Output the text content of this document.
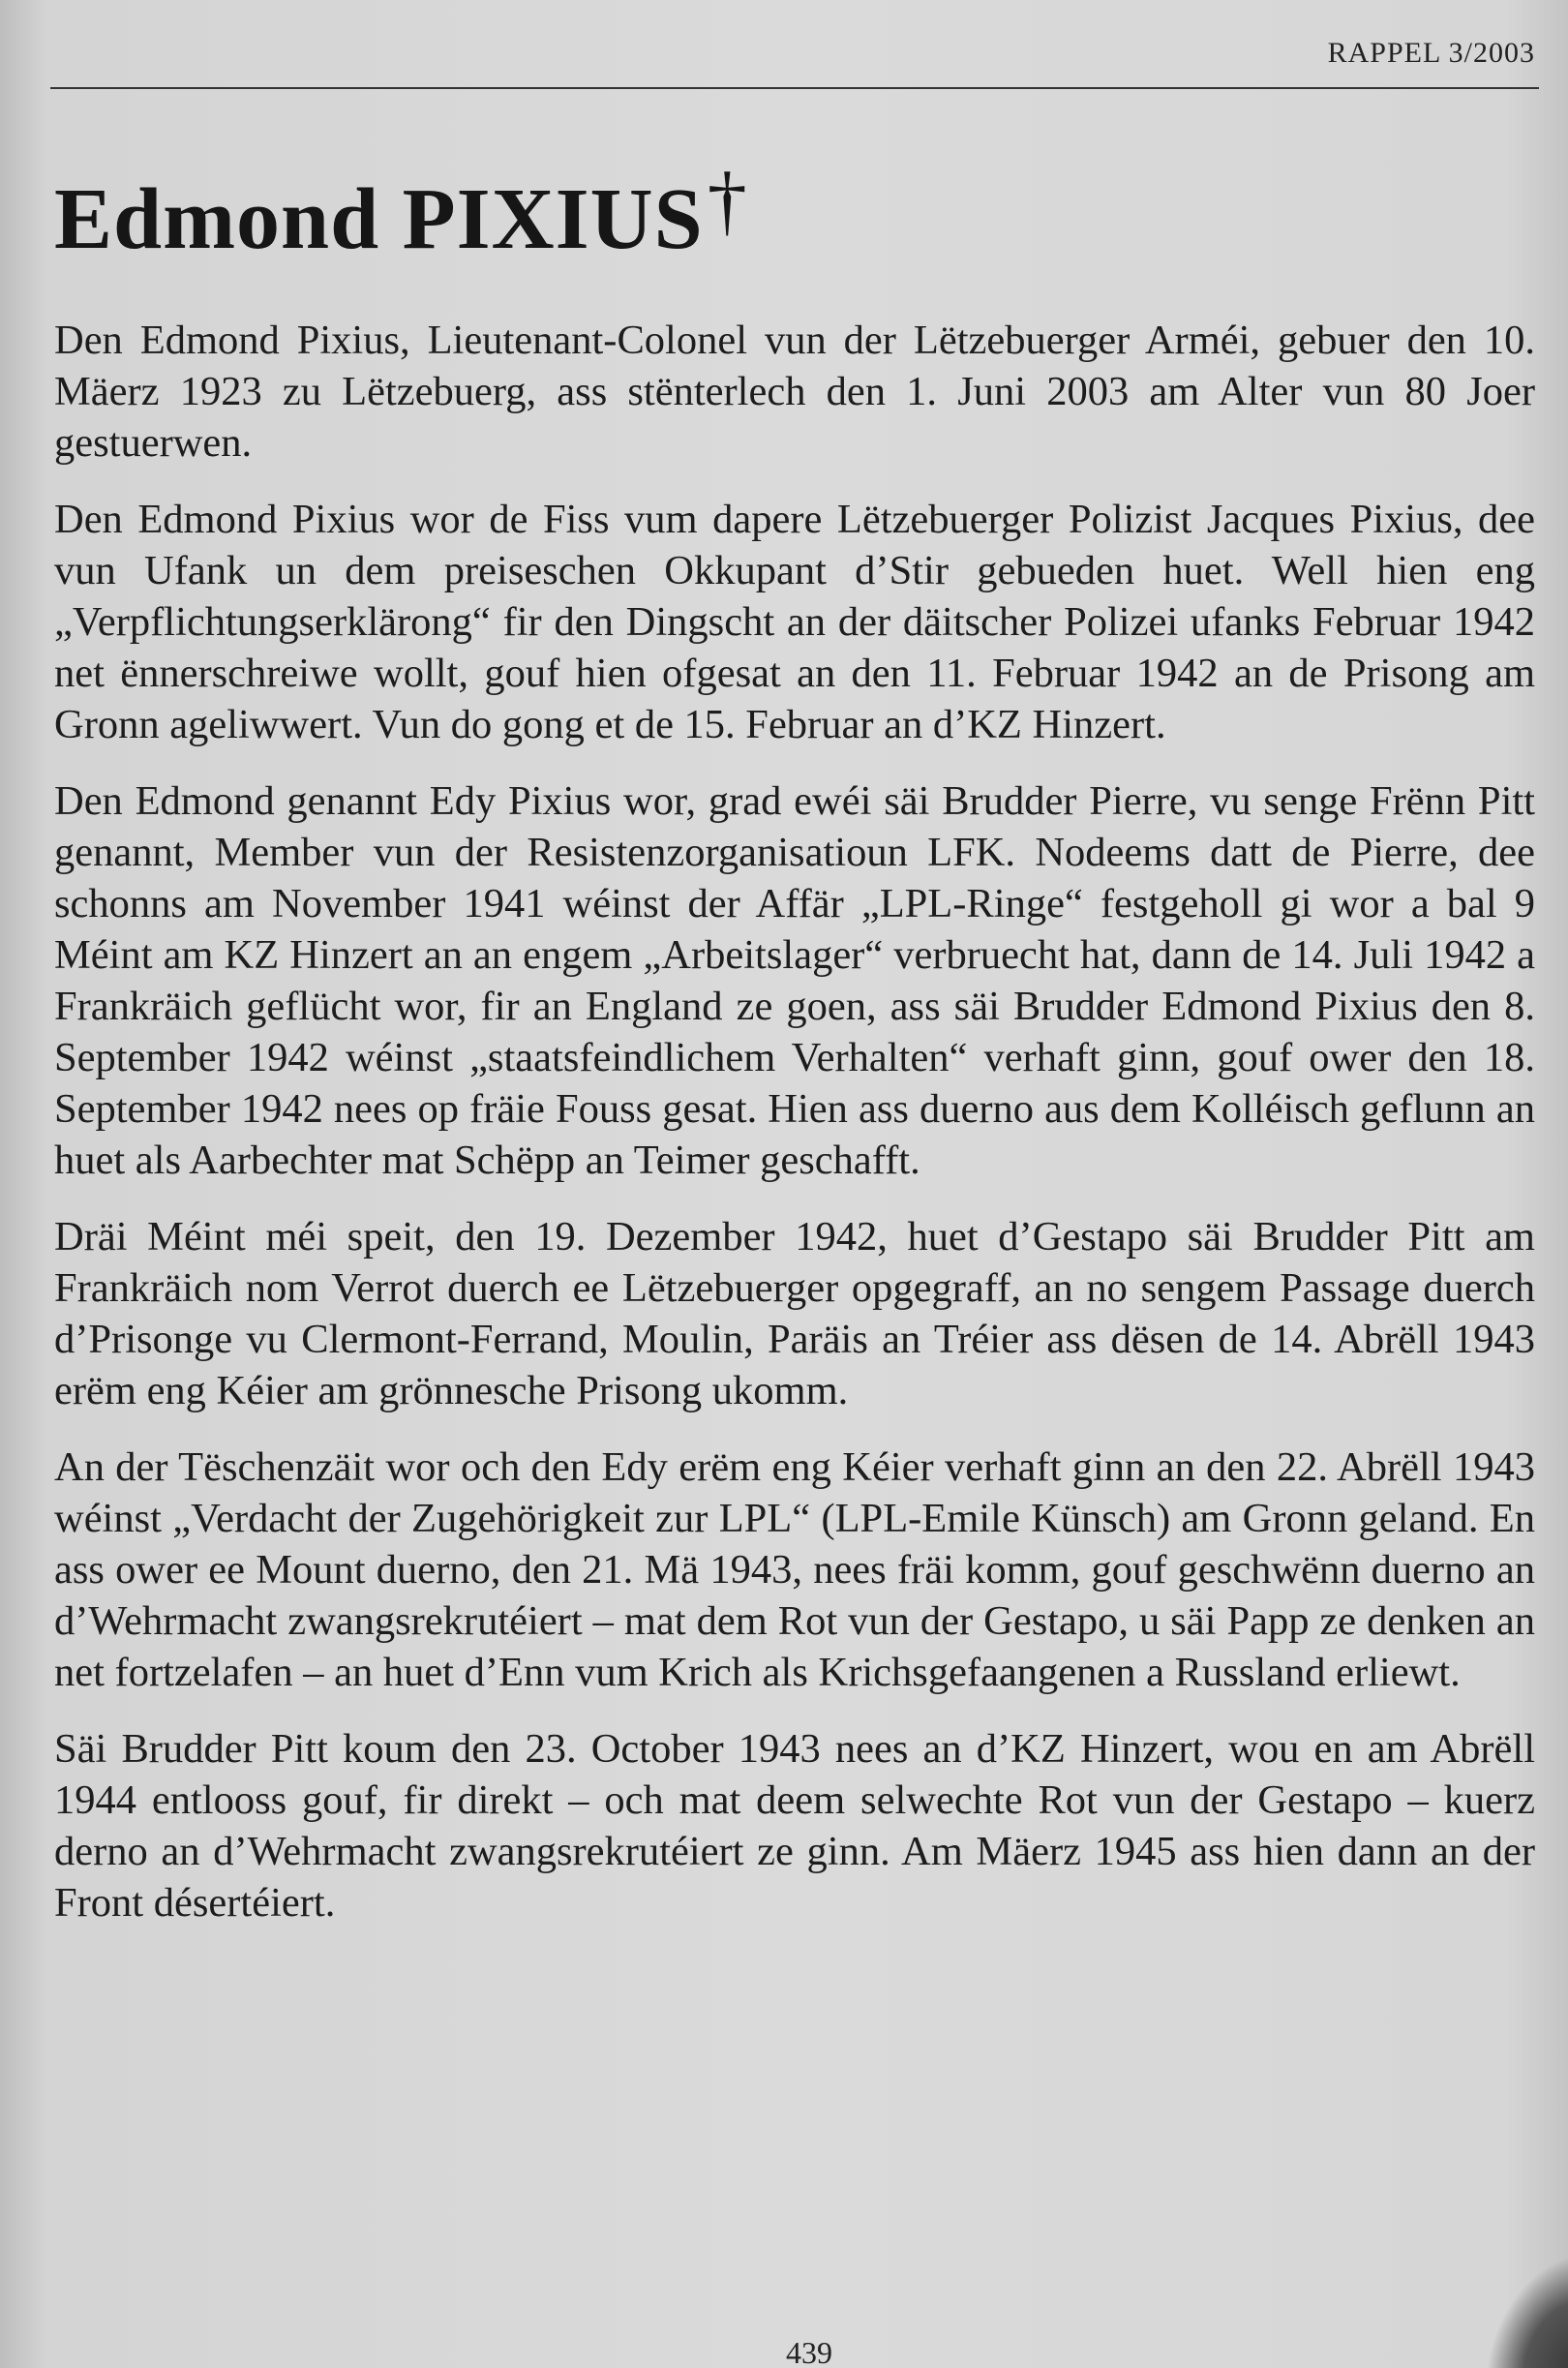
RAPPEL 3/2003
Edmond PIXIUS †

Den Edmond Pixius, Lieutenant-Colonel vun der Lëtzebuerger Arméi, gebuer den 10. Mäerz 1923 zu Lëtzebuerg, ass stënterlech den 1. Juni 2003 am Alter vun 80 Joer gestuerwen.

Den Edmond Pixius wor de Fiss vum dapere Lëtzebuerger Polizist Jacques Pixius, dee vun Ufank un dem preiseschen Okkupant d’Stir gebueden huet. Well hien eng „Verpflichtungserklärong“ fir den Dingscht an der däitscher Polizei ufanks Februar 1942 net ënnerschreiwe wollt, gouf hien ofgesat an den 11. Februar 1942 an de Prisong am Gronn ageliwwert. Vun do gong et de 15. Februar an d’KZ Hinzert.

Den Edmond genannt Edy Pixius wor, grad ewéi säi Brudder Pierre, vu senge Frënn Pitt genannt, Member vun der Resistenzorganisatioun LFK. Nodeems datt de Pierre, dee schonns am November 1941 wéinst der Affär „LPL-Ringe“ festgeholl gi wor a bal 9 Méint am KZ Hinzert an an engem „Arbeitslager“ verbruecht hat, dann de 14. Juli 1942 a Frankräich geflücht wor, fir an England ze goen, ass säi Brudder Edmond Pixius den 8. September 1942 wéinst „staatsfeindlichem Verhalten“ verhaft ginn, gouf ower den 18. September 1942 nees op fräie Fouss gesat. Hien ass duerno aus dem Kolléisch geflunn an huet als Aarbechter mat Schëpp an Teimer geschafft.

Dräi Méint méi speit, den 19. Dezember 1942, huet d’Gestapo säi Brudder Pitt am Frankräich nom Verrot duerch ee Lëtzebuerger opgegraff, an no sengem Passage duerch d’Prisonge vu Clermont-Ferrand, Moulin, Paräis an Tréier ass dësen de 14. Abrëll 1943 erëm eng Kéier am grönnesche Prisong ukomm.

An der Tëschenzäit wor och den Edy erëm eng Kéier verhaft ginn an den 22. Abrëll 1943 wéinst „Verdacht der Zugehörigkeit zur LPL“ (LPL-Emile Künsch) am Gronn geland. En ass ower ee Mount duerno, den 21. Mä 1943, nees fräi komm, gouf geschwënn duerno an d’Wehrmacht zwangsrekrutéiert – mat dem Rot vun der Gestapo, u säi Papp ze denken an net fortzelafen – an huet d’Enn vum Krich als Krichsgefaangenen a Russland erliewt.

Säi Brudder Pitt koum den 23. October 1943 nees an d’KZ Hinzert, wou en am Abrëll 1944 entlooss gouf, fir direkt – och mat deem selwechte Rot vun der Gestapo – kuerz derno an d’Wehrmacht zwangsrekrutéiert ze ginn. Am Mäerz 1945 ass hien dann an der Front désertéiert.

439
